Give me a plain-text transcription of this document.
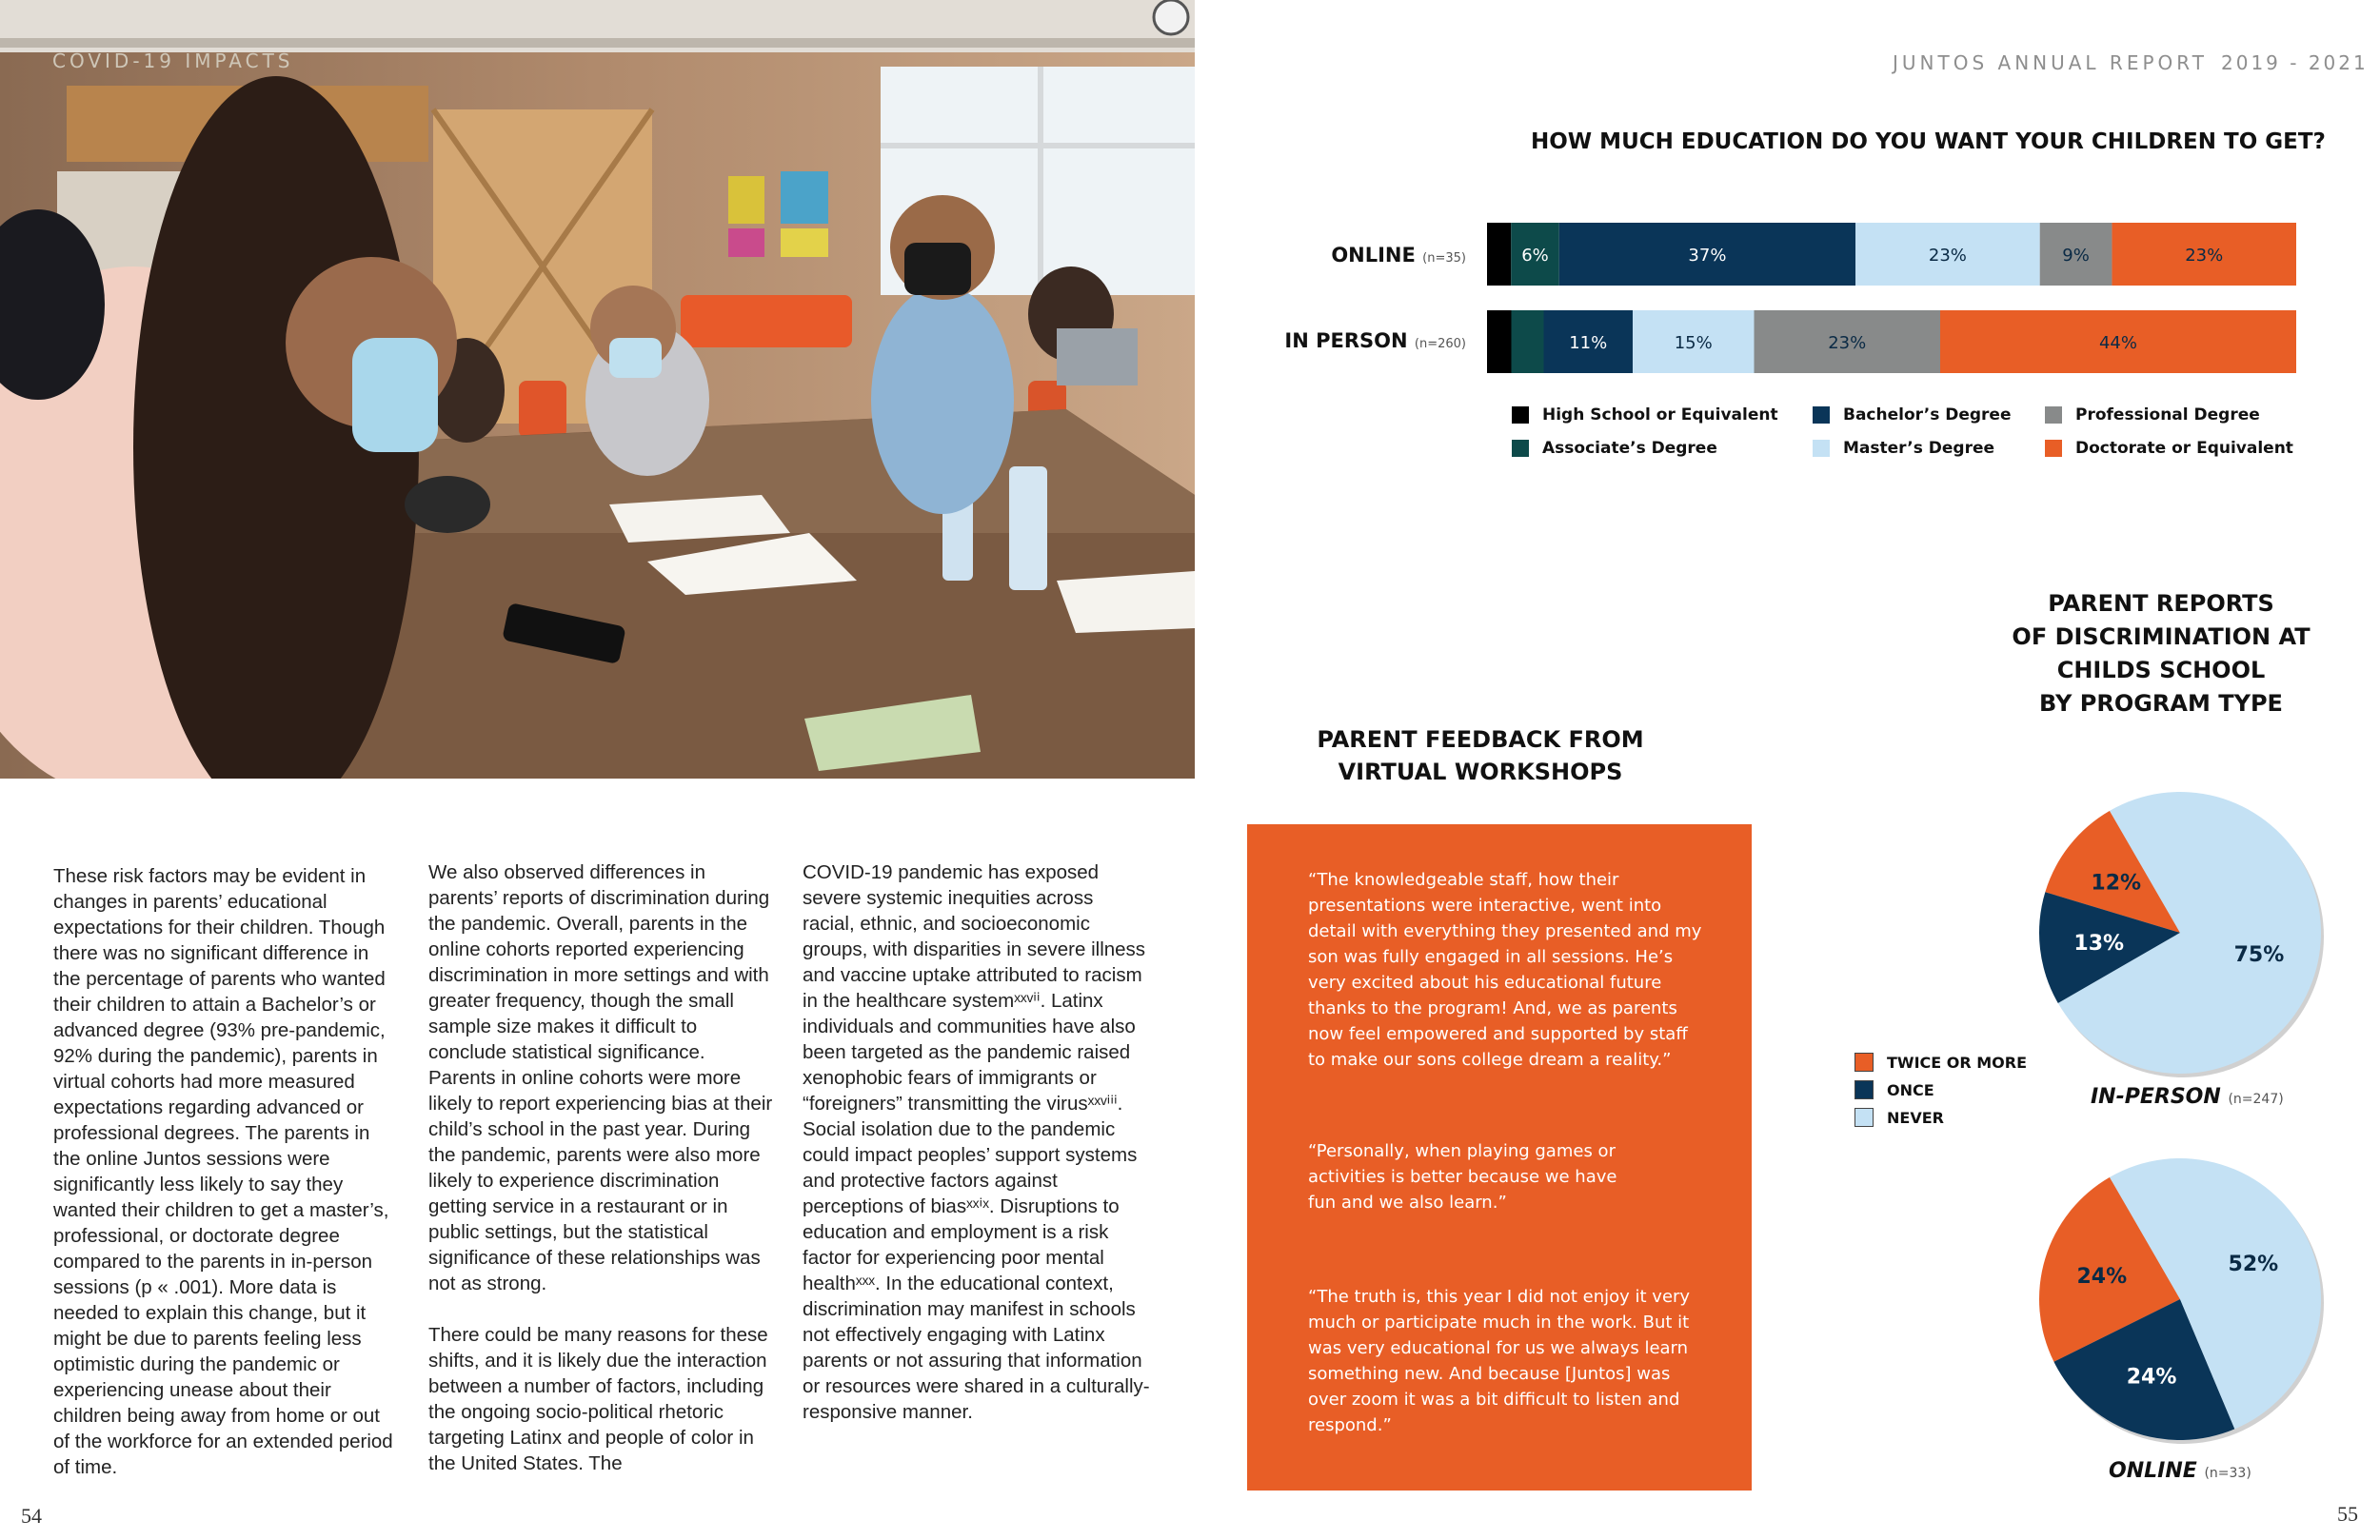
COVID-19 IMPACTS	JUNTOS ANNUAL REPORT 2019 - 2021

These risk factors may be evident in changes in parents’ educational expectations for their children. Though there was no significant difference in the percentage of parents who wanted their children to attain a Bachelor’s or advanced degree (93% pre-pandemic, 92% during the pandemic), parents in virtual cohorts had more measured expectations regarding advanced or professional degrees. The parents in the online Juntos sessions were significantly less likely to say they wanted their children to get a master’s, professional, or doctorate degree compared to the parents in in-person sessions (p « .001). More data is needed to explain this change, but it might be due to parents feeling less optimistic during the pandemic or experiencing unease about their children being away from home or out of the workforce for an extended period of time.

We also observed differences in parents’ reports of discrimination during the pandemic. Overall, parents in the online cohorts reported experiencing discrimination in more settings and with greater frequency, though the small sample size makes it difficult to conclude statistical significance. Parents in online cohorts were more likely to report experiencing bias at their child’s school in the past year. During the pandemic, parents were also more likely to experience discrimination getting service in a restaurant or in public settings, but the statistical significance of these relationships was not as strong.

There could be many reasons for these shifts, and it is likely due the interaction between a number of factors, including the ongoing socio-political rhetoric targeting Latinx and people of color in the United States. The

COVID-19 pandemic has exposed severe systemic inequities across racial, ethnic, and socioeconomic groups, with disparities in severe illness and vaccine uptake attributed to racism in the healthcare systemˣˣᵛⁱⁱ. Latinx individuals and communities have also been targeted as the pandemic raised xenophobic fears of immigrants or “foreigners” transmitting the virusˣˣᵛⁱⁱⁱ. Social isolation due to the pandemic could impact peoples’ support systems and protective factors against perceptions of biasˣˣⁱˣ. Disruptions to education and employment is a risk factor for experiencing poor mental healthˣˣˣ. In the educational context, discrimination may manifest in schools not effectively engaging with Latinx parents or not assuring that information or resources were shared in a culturally-responsive manner.

54	55
HOW MUCH EDUCATION DO YOU WANT YOUR CHILDREN TO GET?
ONLINE (n=35)
IN PERSON (n=260)
6%	37%	23%	9%	23%
11%	15%	23%	44%
High School or Equivalent
Associate’s Degree
Bachelor’s Degree
Master’s Degree
Professional Degree
Doctorate or Equivalent
PARENT FEEDBACK FROM
VIRTUAL WORKSHOPS
“The knowledgeable staff, how their presentations were interactive, went into detail with everything they presented and my son was fully engaged in all sessions. He’s very excited about his educational future thanks to the program! And, we as parents now feel empowered and supported by staff to make our sons college dream a reality.”
“Personally, when playing games or activities is better because we have fun and we also learn.”
“The truth is, this year I did not enjoy it very much or participate much in the work. But it was very educational for us we always learn something new. And because [Juntos] was over zoom it was a bit difficult to listen and respond.”
PARENT REPORTS
OF DISCRIMINATION AT
CHILDS SCHOOL
BY PROGRAM TYPE
12%
13%	75%
24%
24%
52%
IN-PERSON (n=247)
ONLINE (n=33)
TWICE OR MORE
ONCE
NEVER
